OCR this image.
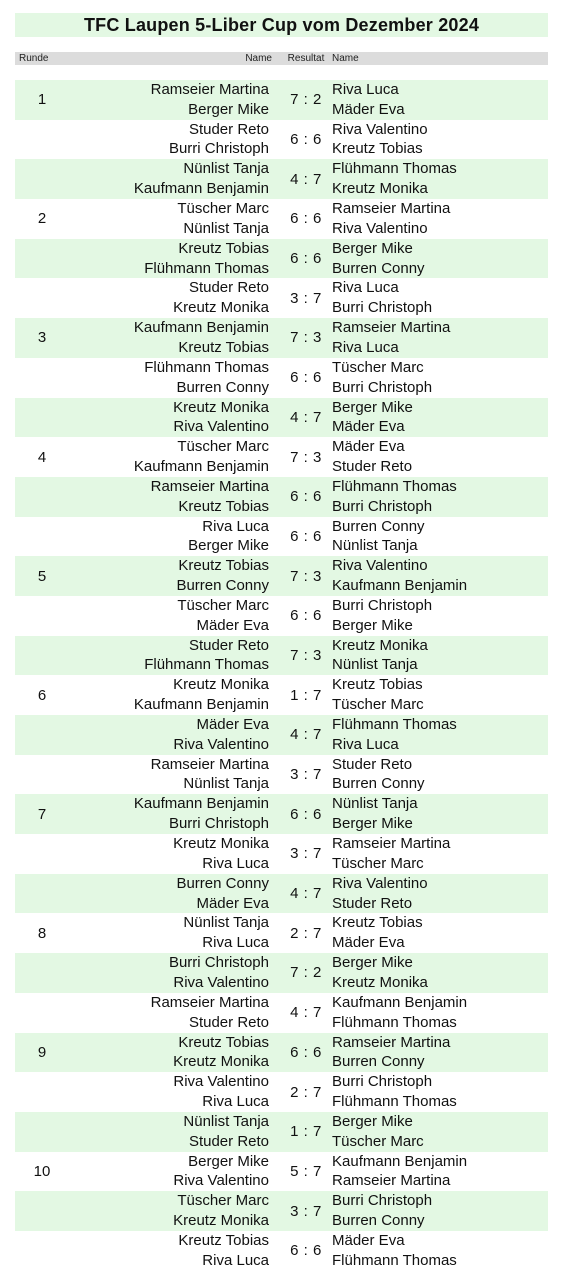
TFC Laupen 5-Liber Cup vom Dezember 2024
Runde	Name	Resultat Name
1
Ramseier Martina
Berger Mike
7 : 2
Riva Luca
Mäder Eva
Studer Reto
Burri Christoph
6 : 6
Riva Valentino
Kreutz Tobias
Nünlist Tanja
Kaufmann Benjamin
4 : 7
Flühmann Thomas
Kreutz Monika
2
Tüscher Marc
Nünlist Tanja
6 : 6
Ramseier Martina
Riva Valentino
Kreutz Tobias
Flühmann Thomas
6 : 6
Berger Mike
Burren Conny
Studer Reto
Kreutz Monika
3 : 7
Riva Luca
Burri Christoph
3
Kaufmann Benjamin
Kreutz Tobias
7 : 3
Ramseier Martina
Riva Luca
Flühmann Thomas
Burren Conny
6 : 6
Tüscher Marc
Burri Christoph
Kreutz Monika
Riva Valentino
4 : 7
Berger Mike
Mäder Eva
4
Tüscher Marc
Kaufmann Benjamin
7 : 3
Mäder Eva
Studer Reto
Ramseier Martina
Kreutz Tobias
6 : 6
Flühmann Thomas
Burri Christoph
Riva Luca
Berger Mike
6 : 6
Burren Conny
Nünlist Tanja
5
Kreutz Tobias
Burren Conny
7 : 3
Riva Valentino
Kaufmann Benjamin
Tüscher Marc
Mäder Eva
6 : 6
Burri Christoph
Berger Mike
Studer Reto
Flühmann Thomas
7 : 3
Kreutz Monika
Nünlist Tanja
6
Kreutz Monika
Kaufmann Benjamin
1 : 7
Kreutz Tobias
Tüscher Marc
Mäder Eva
Riva Valentino
4 : 7
Flühmann Thomas
Riva Luca
Ramseier Martina
Nünlist Tanja
3 : 7
Studer Reto
Burren Conny
7
Kaufmann Benjamin
Burri Christoph
6 : 6
Nünlist Tanja
Berger Mike
Kreutz Monika
Riva Luca
3 : 7
Ramseier Martina
Tüscher Marc
Burren Conny
Mäder Eva
4 : 7
Riva Valentino
Studer Reto
8
Nünlist Tanja
Riva Luca
2 : 7
Kreutz Tobias
Mäder Eva
Burri Christoph
Riva Valentino
7 : 2
Berger Mike
Kreutz Monika
Ramseier Martina
Studer Reto
4 : 7
Kaufmann Benjamin
Flühmann Thomas
9
Kreutz Tobias
Kreutz Monika
6 : 6
Ramseier Martina
Burren Conny
Riva Valentino
Riva Luca
2 : 7
Burri Christoph
Flühmann Thomas
Nünlist Tanja
Studer Reto
1 : 7
Berger Mike
Tüscher Marc
10
Berger Mike
Riva Valentino
5 : 7
Kaufmann Benjamin
Ramseier Martina
Tüscher Marc
Kreutz Monika
3 : 7
Burri Christoph
Burren Conny
Kreutz Tobias
Riva Luca
6 : 6
Mäder Eva
Flühmann Thomas
